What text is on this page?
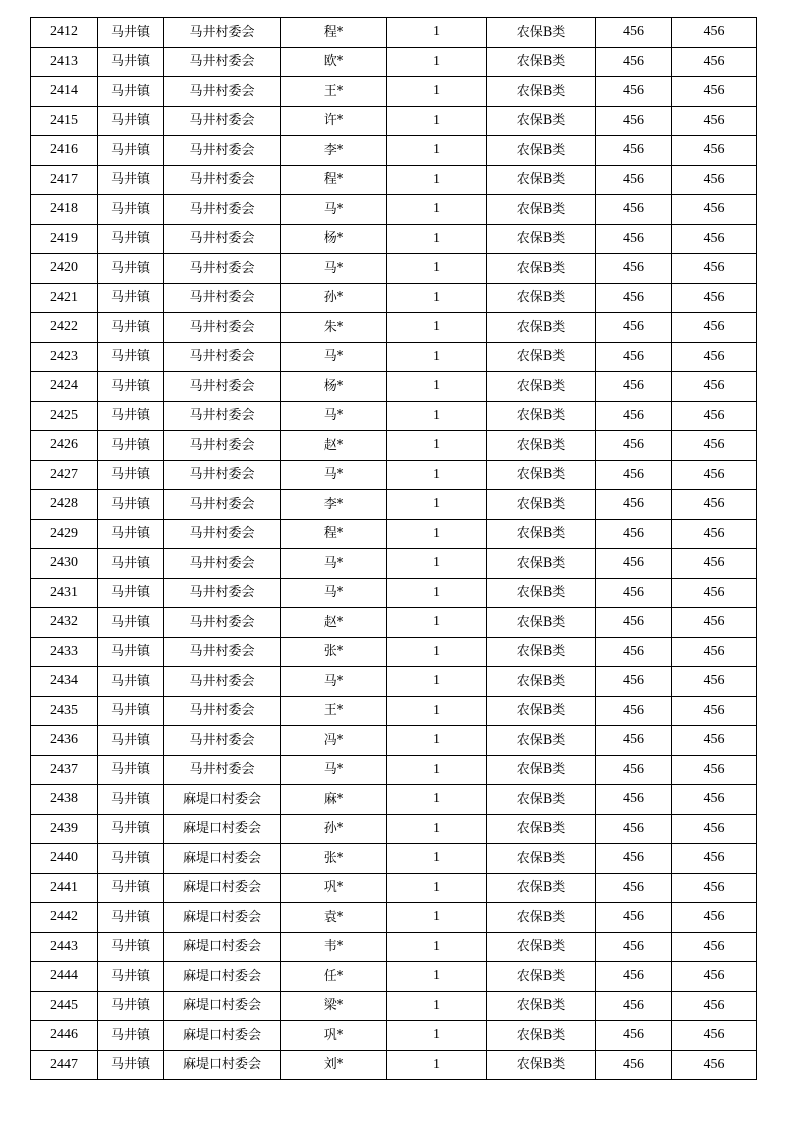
2412	马井镇	马井村委会	程*	1	农保B类	456	456
2413	马井镇	马井村委会	欧*	1	农保B类	456	456
2414	马井镇	马井村委会	王*	1	农保B类	456	456
2415	马井镇	马井村委会	许*	1	农保B类	456	456
2416	马井镇	马井村委会	李*	1	农保B类	456	456
2417	马井镇	马井村委会	程*	1	农保B类	456	456
2418	马井镇	马井村委会	马*	1	农保B类	456	456
2419	马井镇	马井村委会	杨*	1	农保B类	456	456
2420	马井镇	马井村委会	马*	1	农保B类	456	456
2421	马井镇	马井村委会	孙*	1	农保B类	456	456
2422	马井镇	马井村委会	朱*	1	农保B类	456	456
2423	马井镇	马井村委会	马*	1	农保B类	456	456
2424	马井镇	马井村委会	杨*	1	农保B类	456	456
2425	马井镇	马井村委会	马*	1	农保B类	456	456
2426	马井镇	马井村委会	赵*	1	农保B类	456	456
2427	马井镇	马井村委会	马*	1	农保B类	456	456
2428	马井镇	马井村委会	李*	1	农保B类	456	456
2429	马井镇	马井村委会	程*	1	农保B类	456	456
2430	马井镇	马井村委会	马*	1	农保B类	456	456
2431	马井镇	马井村委会	马*	1	农保B类	456	456
2432	马井镇	马井村委会	赵*	1	农保B类	456	456
2433	马井镇	马井村委会	张*	1	农保B类	456	456
2434	马井镇	马井村委会	马*	1	农保B类	456	456
2435	马井镇	马井村委会	王*	1	农保B类	456	456
2436	马井镇	马井村委会	冯*	1	农保B类	456	456
2437	马井镇	马井村委会	马*	1	农保B类	456	456
2438	马井镇	麻堤口村委会	麻*	1	农保B类	456	456
2439	马井镇	麻堤口村委会	孙*	1	农保B类	456	456
2440	马井镇	麻堤口村委会	张*	1	农保B类	456	456
2441	马井镇	麻堤口村委会	巩*	1	农保B类	456	456
2442	马井镇	麻堤口村委会	袁*	1	农保B类	456	456
2443	马井镇	麻堤口村委会	韦*	1	农保B类	456	456
2444	马井镇	麻堤口村委会	任*	1	农保B类	456	456
2445	马井镇	麻堤口村委会	梁*	1	农保B类	456	456
2446	马井镇	麻堤口村委会	巩*	1	农保B类	456	456
2447	马井镇	麻堤口村委会	刘*	1	农保B类	456	456
